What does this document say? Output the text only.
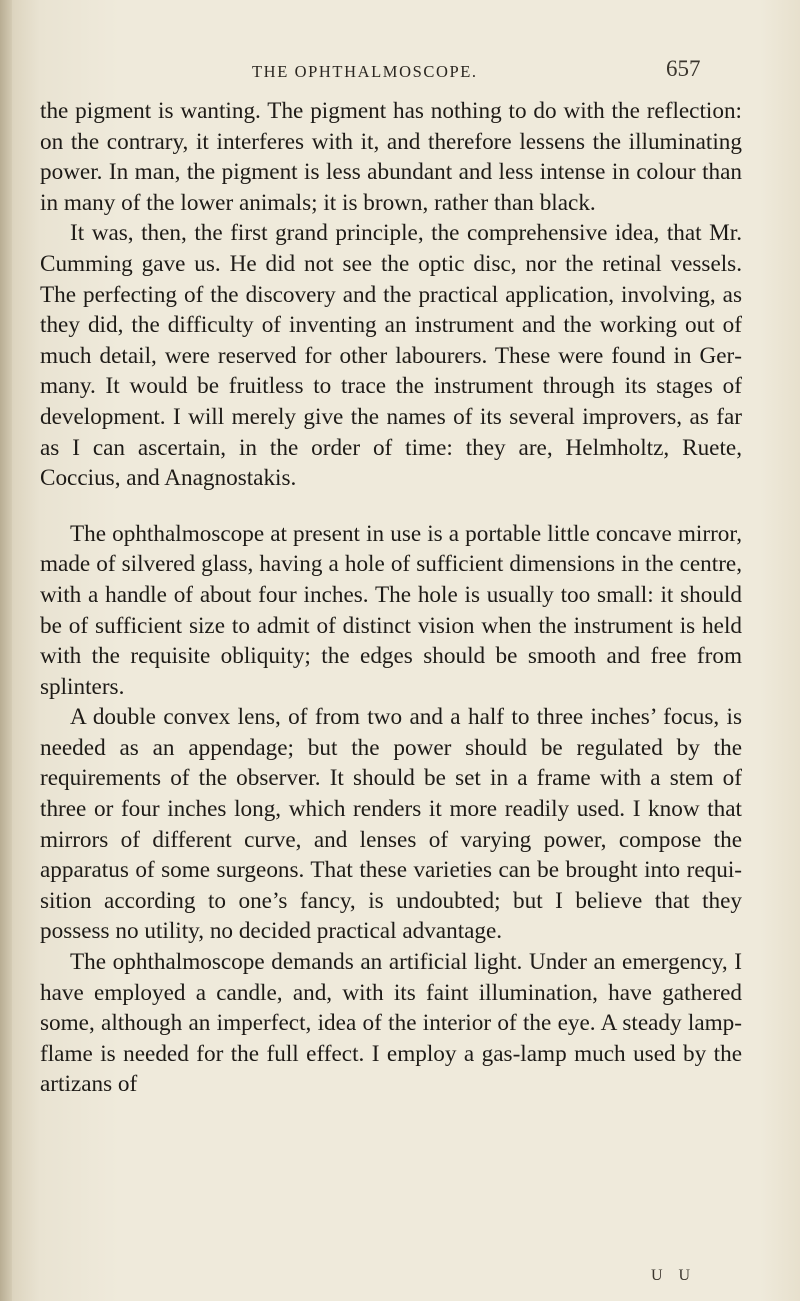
THE OPHTHALMOSCOPE.	657

the pigment is wanting. The pigment has nothing to do with the reflection: on the contrary, it interferes with it, and therefore lessens the illuminating power. In man, the pigment is less abundant and less intense in colour than in many of the lower animals; it is brown, rather than black.

It was, then, the first grand principle, the comprehensive idea, that Mr. Cumming gave us. He did not see the optic disc, nor the retinal vessels. The perfecting of the discovery and the practical application, involving, as they did, the difficulty of inventing an instrument and the working out of much detail, were reserved for other labourers. These were found in Germany. It would be fruitless to trace the instrument through its stages of development. I will merely give the names of its several improvers, as far as I can ascertain, in the order of time: they are, Helmholtz, Ruete, Coccius, and Anagnostakis.

The ophthalmoscope at present in use is a portable little concave mirror, made of silvered glass, having a hole of sufficient dimensions in the centre, with a handle of about four inches. The hole is usually too small: it should be of sufficient size to admit of distinct vision when the instrument is held with the requisite obliquity; the edges should be smooth and free from splinters.

A double convex lens, of from two and a half to three inches’ focus, is needed as an appendage; but the power should be regulated by the requirements of the observer. It should be set in a frame with a stem of three or four inches long, which renders it more readily used. I know that mirrors of different curve, and lenses of varying power, compose the apparatus of some surgeons. That these varieties can be brought into requisition according to one’s fancy, is undoubted; but I believe that they possess no utility, no decided practical advantage.

The ophthalmoscope demands an artificial light. Under an emergency, I have employed a candle, and, with its faint illumination, have gathered some, although an imperfect, idea of the interior of the eye. A steady lamp-flame is needed for the full effect. I employ a gas-lamp much used by the artizans of

U U
